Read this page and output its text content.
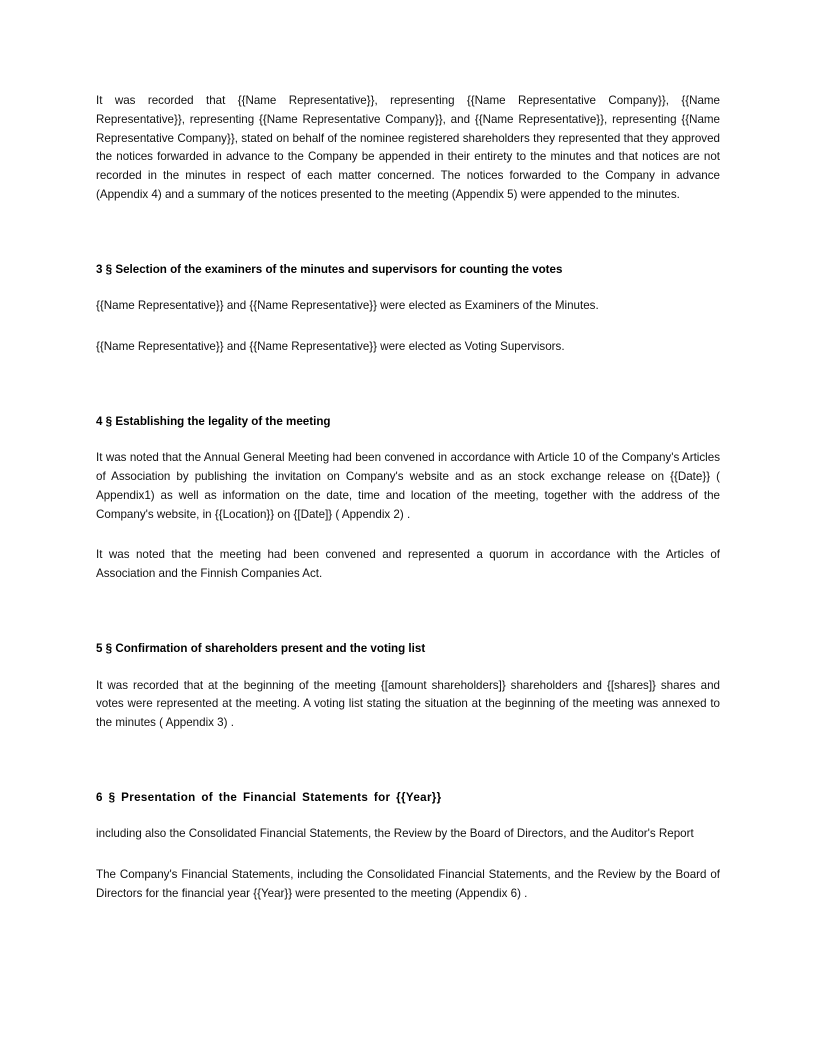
It was recorded that {{Name Representative}}, representing {{Name Representative Company}}, {{Name Representative}}, representing {{Name Representative Company}}, and {{Name Representative}}, representing {{Name Representative Company}}, stated on behalf of the nominee registered shareholders they represented that they approved the notices forwarded in advance to the Company be appended in their entirety to the minutes and that notices are not recorded in the minutes in respect of each matter concerned. The notices forwarded to the Company in advance (Appendix 4) and a summary of the notices presented to the meeting (Appendix 5) were appended to the minutes.

3 § Selection of the examiners of the minutes and supervisors for counting the votes

{{Name Representative}} and {{Name Representative}} were elected as Examiners of the Minutes.

{{Name Representative}} and {{Name Representative}} were elected as Voting Supervisors.

4 § Establishing the legality of the meeting

It was noted that the Annual General Meeting had been convened in accordance with Article 10 of the Company's Articles of Association by publishing the invitation on Company's website and as an stock exchange release on {{Date}} ( Appendix1) as well as information on the date, time and location of the meeting, together with the address of the Company's website, in {{Location}} on {[Date]} ( Appendix 2) .

It was noted that the meeting had been convened and represented a quorum in accordance with the Articles of Association and the Finnish Companies Act.

5 § Confirmation of shareholders present and the voting list

It was recorded that at the beginning of the meeting {[amount shareholders]} shareholders and {[shares]} shares and votes were represented at the meeting. A voting list stating the situation at the beginning of the meeting was annexed to the minutes ( Appendix 3) .

6 § Presentation of the Financial Statements for {{Year}}

including also the Consolidated Financial Statements, the Review by the Board of Directors, and the Auditor's Report

The Company's Financial Statements, including the Consolidated Financial Statements, and the Review by the Board of Directors for the financial year {{Year}} were presented to the meeting (Appendix 6) .
